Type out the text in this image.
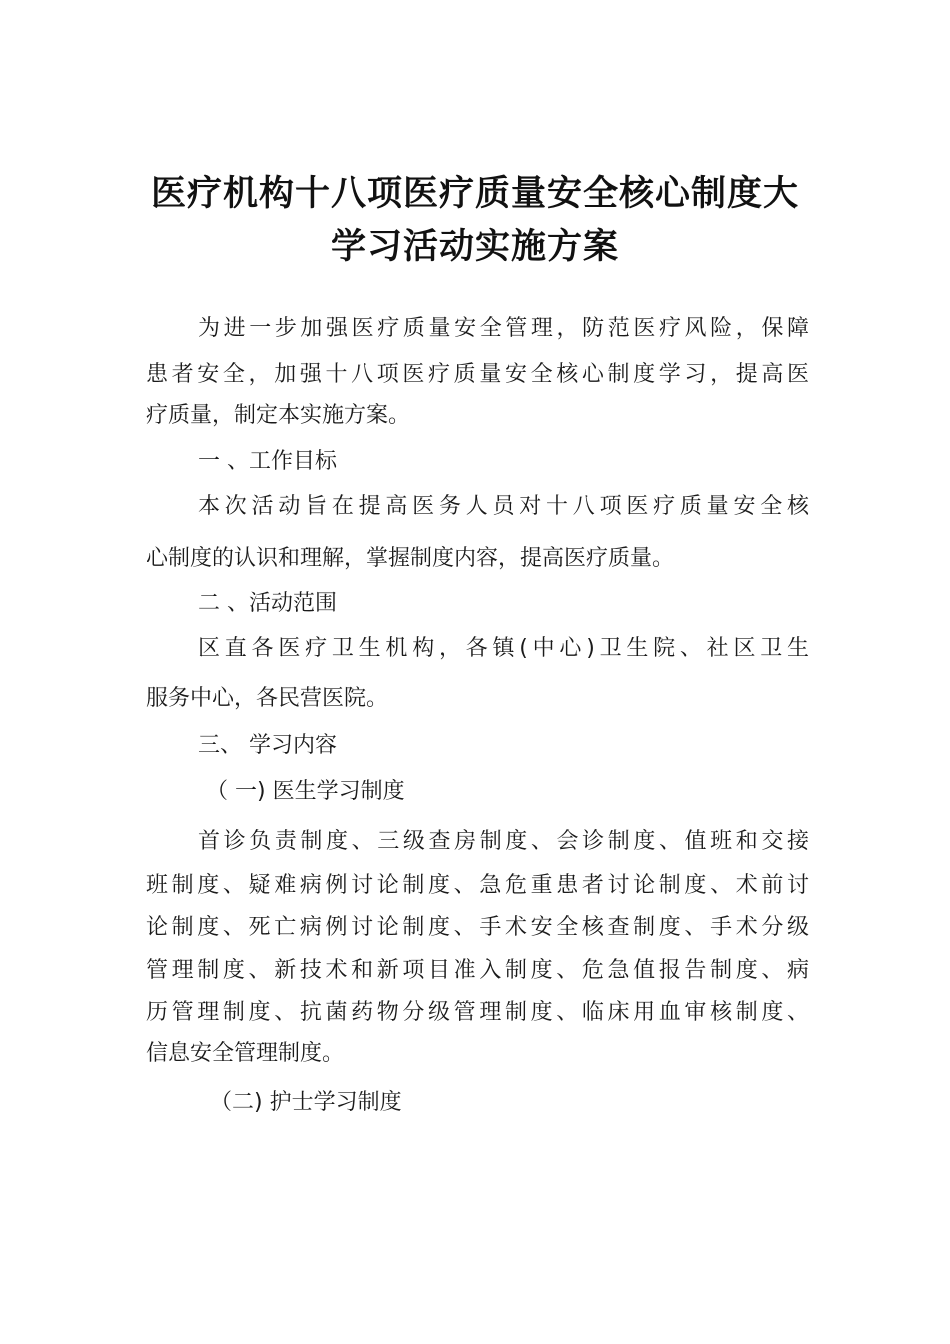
医疗机构十八项医疗质量安全核心制度大
学习活动实施方案
为进一步加强医疗质量安全管理，防范医疗风险，保障
患者安全，加强十八项医疗质量安全核心制度学习，提高医
疗质量，制定本实施方案。
一 、工作目标
本次活动旨在提高医务人员对十八项医疗质量安全核
心制度的认识和理解，掌握制度内容，提高医疗质量。
二 、活动范围
区直各医疗卫生机构，各镇(中心)卫生院、社区卫生
服务中心，各民营医院。
三、 学习内容
（ 一) 医生学习制度
首诊负责制度、三级查房制度、会诊制度、值班和交接
班制度、疑难病例讨论制度、急危重患者讨论制度、术前讨
论制度、死亡病例讨论制度、手术安全核查制度、手术分级
管理制度、新技术和新项目准入制度、危急值报告制度、病
历管理制度、抗菌药物分级管理制度、临床用血审核制度、
信息安全管理制度。
（二) 护士学习制度
